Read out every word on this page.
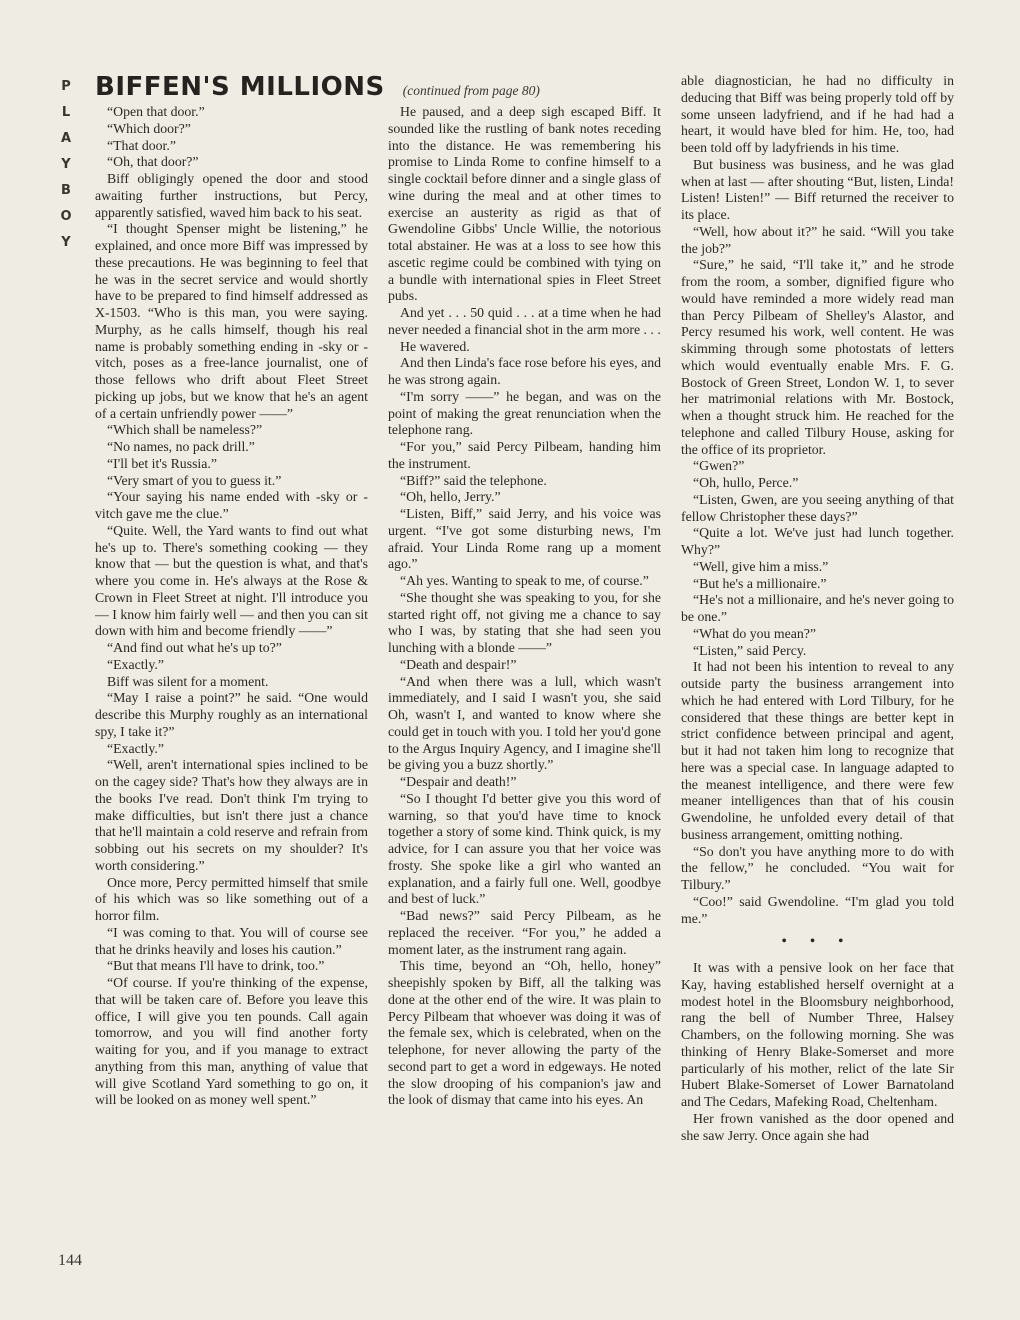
P
L
A
Y
B
O
Y
BIFFEN'S MILLIONS (continued from page 80)

“Open that door.”

“Which door?”

“That door.”

“Oh, that door?”

Biff obligingly opened the door and stood awaiting further instructions, but Percy, apparently satisfied, waved him back to his seat.

“I thought Spenser might be listening,” he explained, and once more Biff was impressed by these precautions. He was beginning to feel that he was in the secret service and would shortly have to be prepared to find himself addressed as X-1503. “Who is this man, you were saying. Murphy, as he calls himself, though his real name is probably something ending in -sky or -vitch, poses as a free-lance journalist, one of those fellows who drift about Fleet Street picking up jobs, but we know that he's an agent of a certain unfriendly power ——”

“Which shall be nameless?”

“No names, no pack drill.”

“I'll bet it's Russia.”

“Very smart of you to guess it.”

“Your saying his name ended with -sky or -vitch gave me the clue.”

“Quite. Well, the Yard wants to find out what he's up to. There's something cooking — they know that — but the question is what, and that's where you come in. He's always at the Rose & Crown in Fleet Street at night. I'll introduce you — I know him fairly well — and then you can sit down with him and become friendly ——”

“And find out what he's up to?”

“Exactly.”

Biff was silent for a moment.

“May I raise a point?” he said. “One would describe this Murphy roughly as an international spy, I take it?”

“Exactly.”

“Well, aren't international spies inclined to be on the cagey side? That's how they always are in the books I've read. Don't think I'm trying to make difficulties, but isn't there just a chance that he'll maintain a cold reserve and refrain from sobbing out his secrets on my shoulder? It's worth considering.”

Once more, Percy permitted himself that smile of his which was so like something out of a horror film.

“I was coming to that. You will of course see that he drinks heavily and loses his caution.”

“But that means I'll have to drink, too.”

“Of course. If you're thinking of the expense, that will be taken care of. Before you leave this office, I will give you ten pounds. Call again tomorrow, and you will find another forty waiting for you, and if you manage to extract anything from this man, anything of value that will give Scotland Yard something to go on, it will be looked on as money well spent.”

He paused, and a deep sigh escaped Biff. It sounded like the rustling of bank notes receding into the distance. He was remembering his promise to Linda Rome to confine himself to a single cocktail before dinner and a single glass of wine during the meal and at other times to exercise an austerity as rigid as that of Gwendoline Gibbs' Uncle Willie, the notorious total abstainer. He was at a loss to see how this ascetic regime could be combined with tying on a bundle with international spies in Fleet Street pubs.

And yet . . . 50 quid . . . at a time when he had never needed a financial shot in the arm more . . .

He wavered.

And then Linda's face rose before his eyes, and he was strong again.

“I'm sorry ——” he began, and was on the point of making the great renunciation when the telephone rang.

“For you,” said Percy Pilbeam, handing him the instrument.

“Biff?” said the telephone.

“Oh, hello, Jerry.”

“Listen, Biff,” said Jerry, and his voice was urgent. “I've got some disturbing news, I'm afraid. Your Linda Rome rang up a moment ago.”

“Ah yes. Wanting to speak to me, of course.”

“She thought she was speaking to you, for she started right off, not giving me a chance to say who I was, by stating that she had seen you lunching with a blonde ——”

“Death and despair!”

“And when there was a lull, which wasn't immediately, and I said I wasn't you, she said Oh, wasn't I, and wanted to know where she could get in touch with you. I told her you'd gone to the Argus Inquiry Agency, and I imagine she'll be giving you a buzz shortly.”

“Despair and death!”

“So I thought I'd better give you this word of warning, so that you'd have time to knock together a story of some kind. Think quick, is my advice, for I can assure you that her voice was frosty. She spoke like a girl who wanted an explanation, and a fairly full one. Well, goodbye and best of luck.”

“Bad news?” said Percy Pilbeam, as he replaced the receiver. “For you,” he added a moment later, as the instrument rang again.

This time, beyond an “Oh, hello, honey” sheepishly spoken by Biff, all the talking was done at the other end of the wire. It was plain to Percy Pilbeam that whoever was doing it was of the female sex, which is celebrated, when on the telephone, for never allowing the party of the second part to get a word in edgeways. He noted the slow drooping of his companion's jaw and the look of dismay that came into his eyes. An

able diagnostician, he had no difficulty in deducing that Biff was being properly told off by some unseen ladyfriend, and if he had had a heart, it would have bled for him. He, too, had been told off by ladyfriends in his time.

But business was business, and he was glad when at last — after shouting “But, listen, Linda! Listen! Listen!” — Biff returned the receiver to its place.

“Well, how about it?” he said. “Will you take the job?”

“Sure,” he said, “I'll take it,” and he strode from the room, a somber, dignified figure who would have reminded a more widely read man than Percy Pilbeam of Shelley's Alastor, and Percy resumed his work, well content. He was skimming through some photostats of letters which would eventually enable Mrs. F. G. Bostock of Green Street, London W. 1, to sever her matrimonial relations with Mr. Bostock, when a thought struck him. He reached for the telephone and called Tilbury House, asking for the office of its proprietor.

“Gwen?”

“Oh, hullo, Perce.”

“Listen, Gwen, are you seeing anything of that fellow Christopher these days?”

“Quite a lot. We've just had lunch together. Why?”

“Well, give him a miss.”

“But he's a millionaire.”

“He's not a millionaire, and he's never going to be one.”

“What do you mean?”

“Listen,” said Percy.

It had not been his intention to reveal to any outside party the business arrangement into which he had entered with Lord Tilbury, for he considered that these things are better kept in strict confidence between principal and agent, but it had not taken him long to recognize that here was a special case. In language adapted to the meanest intelligence, and there were few meaner intelligences than that of his cousin Gwendoline, he unfolded every detail of that business arrangement, omitting nothing.

“So don't you have anything more to do with the fellow,” he concluded. “You wait for Tilbury.”

“Coo!” said Gwendoline. “I'm glad you told me.”

• • •

It was with a pensive look on her face that Kay, having established herself overnight at a modest hotel in the Bloomsbury neighborhood, rang the bell of Number Three, Halsey Chambers, on the following morning. She was thinking of Henry Blake-Somerset and more particularly of his mother, relict of the late Sir Hubert Blake-Somerset of Lower Barnatoland and The Cedars, Mafeking Road, Cheltenham.

Her frown vanished as the door opened and she saw Jerry. Once again she had

144
